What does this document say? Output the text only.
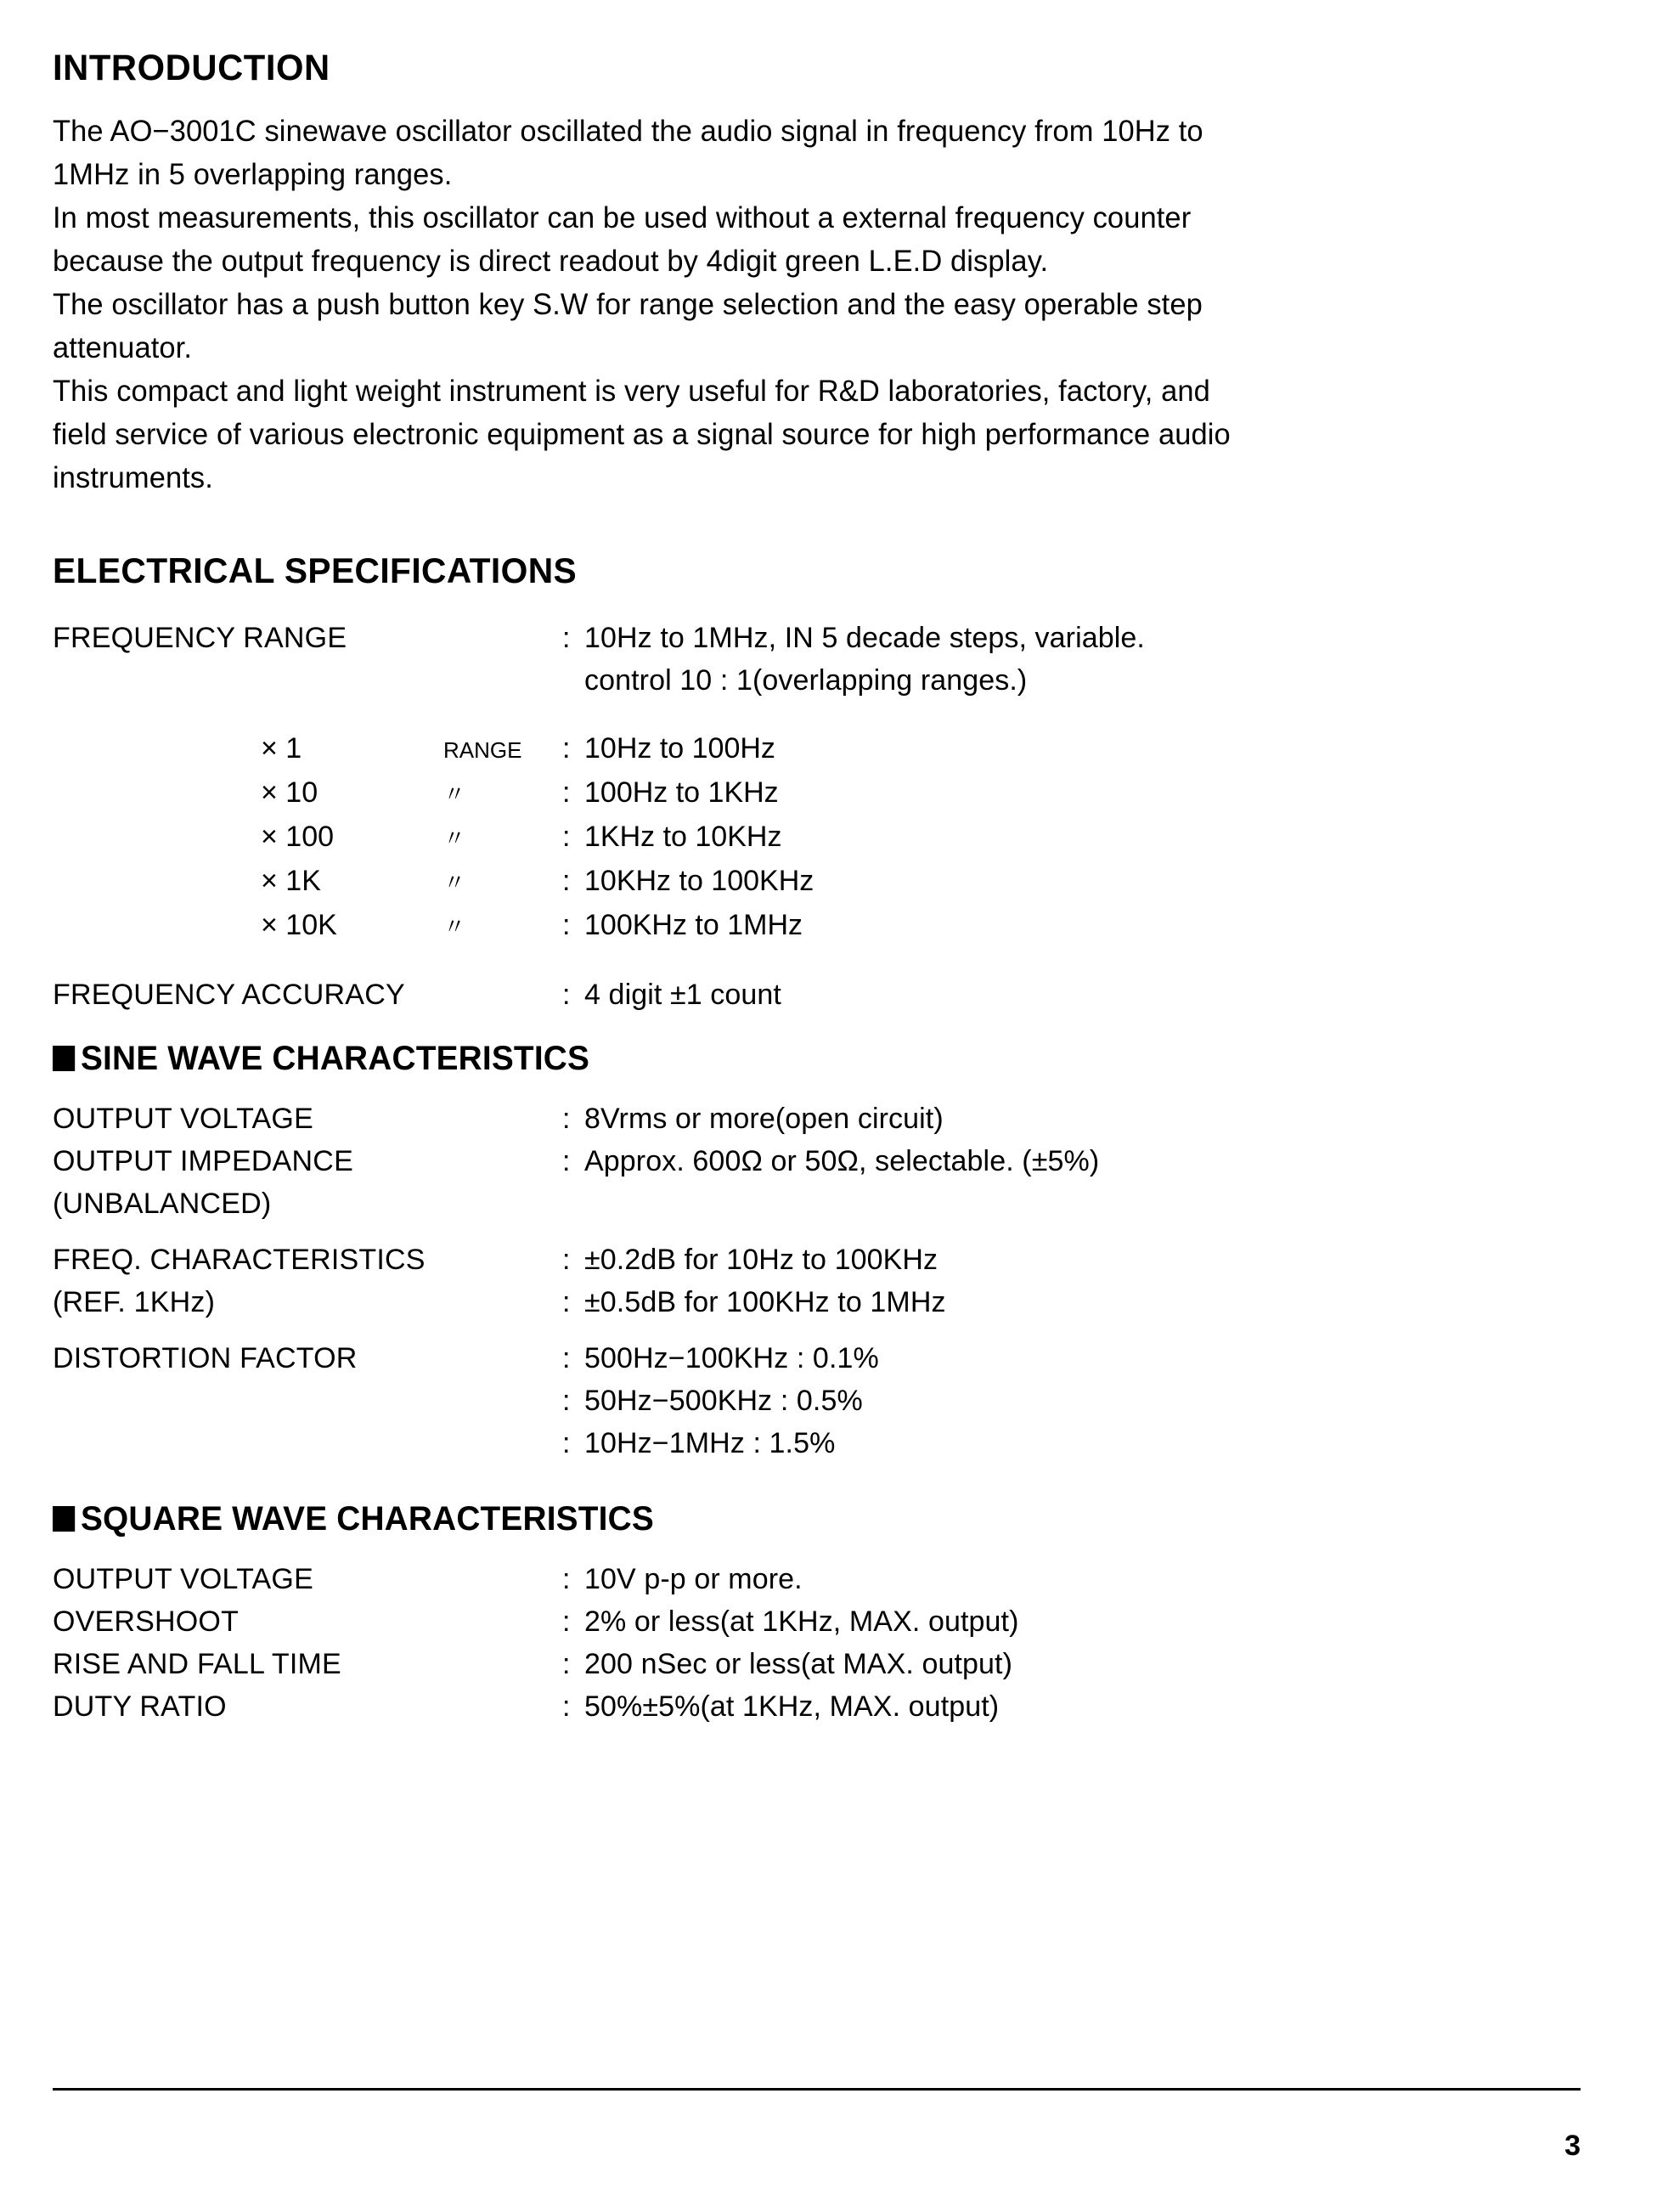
INTRODUCTION
The AO−3001C sinewave oscillator oscillated the audio signal in frequency from 10Hz to
1MHz in 5 overlapping ranges.
In most measurements, this oscillator can be used without a external frequency counter
because the output frequency is direct readout by 4digit green L.E.D display.
The oscillator has a push button key S.W for range selection and the easy operable step
attenuator.
This compact and light weight instrument is very useful for R&D laboratories, factory, and
field service of various electronic equipment as a signal source for high performance audio
instruments.
ELECTRICAL SPECIFICATIONS
FREQUENCY RANGE	: 10Hz to 1MHz, IN 5 decade steps, variable.
control 10 : 1(overlapping ranges.)
× 1	RANGE	: 10Hz to 100Hz
× 10	〃	: 100Hz to 1KHz
× 100	〃	: 1KHz to 10KHz
× 1K	〃	: 10KHz to 100KHz
× 10K	〃	: 100KHz to 1MHz
FREQUENCY ACCURACY	: 4 digit ±1 count
SINE WAVE CHARACTERISTICS
OUTPUT VOLTAGE	: 8Vrms or more(open circuit)
OUTPUT IMPEDANCE	: Approx. 600Ω or 50Ω, selectable. (±5%)
(UNBALANCED)

FREQ. CHARACTERISTICS	: ±0.2dB for 10Hz to 100KHz
(REF. 1KHz)	: ±0.5dB for 100KHz to 1MHz
DISTORTION FACTOR	: 500Hz−100KHz : 0.1%

: 50Hz−500KHz : 0.5%

: 10Hz−1MHz : 1.5%
SQUARE WAVE CHARACTERISTICS
OUTPUT VOLTAGE	: 10V p-p or more.
OVERSHOOT	: 2% or less(at 1KHz, MAX. output)
RISE AND FALL TIME	: 200 nSec or less(at MAX. output)
DUTY RATIO	: 50%±5%(at 1KHz, MAX. output)
3
